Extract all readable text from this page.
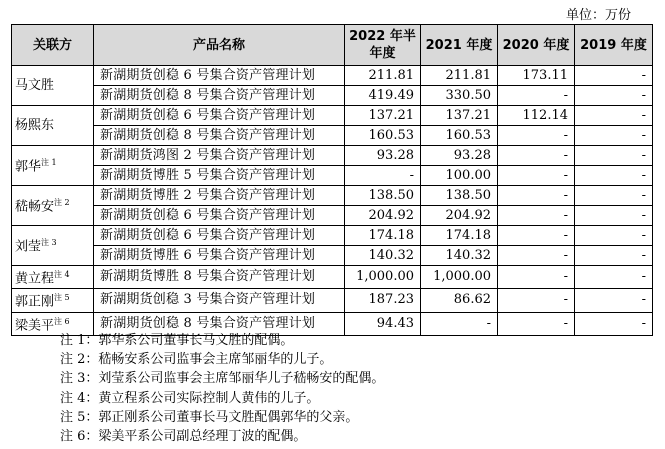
单位：万份
关联方	产品名称	2022 年半年度	2021 年度	2020 年度	2019 年度
马文胜	新湖期货创稳 6 号集合资产管理计划	211.81	211.81	173.11	-
	新湖期货创稳 8 号集合资产管理计划	419.49	330.50	-	-
杨熙东	新湖期货创稳 6 号集合资产管理计划	137.21	137.21	112.14	-
	新湖期货创稳 8 号集合资产管理计划	160.53	160.53	-	-
郭华$^{注 1}$	新湖期货鸿图 2 号集合资产管理计划	93.28	93.28	-	-
	新湖期货博胜 5 号集合资产管理计划	-	100.00	-	-
嵇畅安$^{注 2}$	新湖期货博胜 2 号集合资产管理计划	138.50	138.50	-	-
	新湖期货创稳 6 号集合资产管理计划	204.92	204.92	-	-
刘莹$^{注 3}$	新湖期货创稳 6 号集合资产管理计划	174.18	174.18	-	-
	新湖期货博胜 6 号集合资产管理计划	140.32	140.32	-	-
黄立程$^{注 4}$	新湖期货博胜 8 号集合资产管理计划	1,000.00	1,000.00	-	-
郭正刚$^{注 5}$	新湖期货创稳 3 号集合资产管理计划	187.23	86.62	-	-
梁美平$^{注 6}$	新湖期货创稳 8 号集合资产管理计划	94.43	-	-	-
注 1：郭华系公司董事长马文胜的配偶。
注 2：嵇畅安系公司监事会主席邹丽华的儿子。
注 3：刘莹系公司监事会主席邹丽华儿子嵇畅安的配偶。
注 4：黄立程系公司实际控制人黄伟的儿子。
注 5：郭正刚系公司董事长马文胜配偶郭华的父亲。
注 6：梁美平系公司副总经理丁波的配偶。
